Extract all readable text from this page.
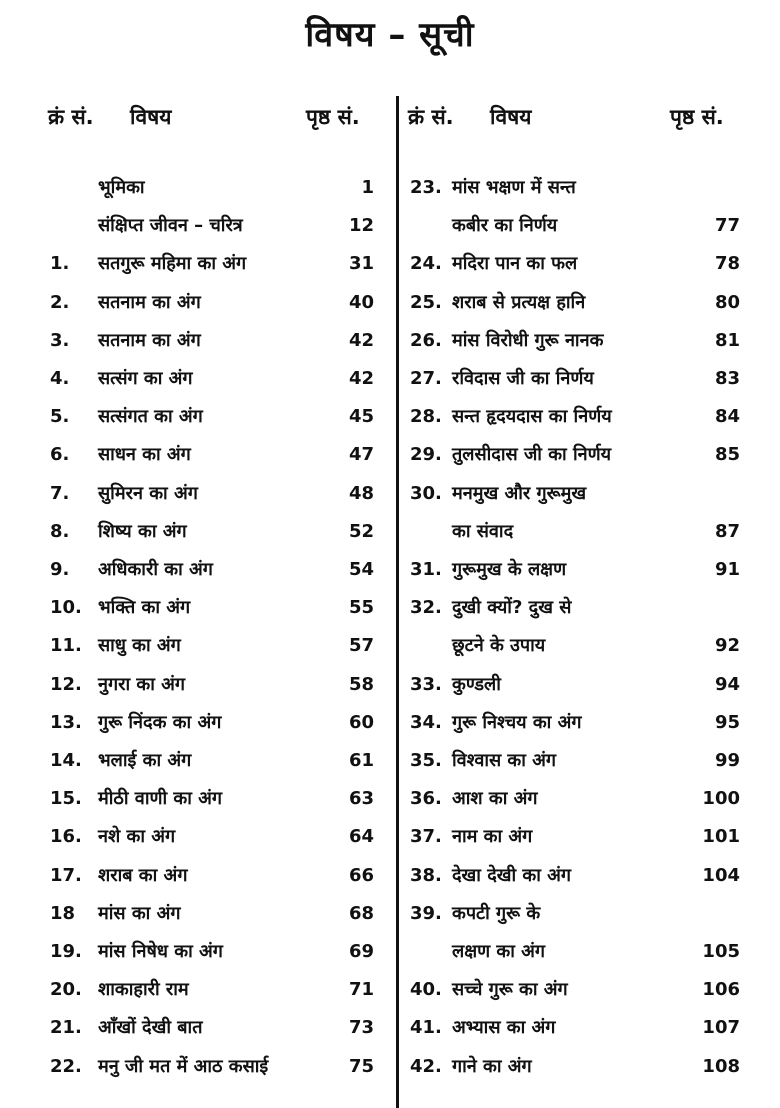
विषय – सूची
क्रं सं. विषय	पृष्ठ सं.
भूमिका	1
संक्षिप्त जीवन – चरित्र	12
1. सतगुरू महिमा का अंग	31
2. सतनाम का अंग	40
3. सतनाम का अंग	42
4. सत्संग का अंग	42
5. सत्संगत का अंग	45
6. साधन का अंग	47
7. सुमिरन का अंग	48
8. शिष्य का अंग	52
9. अधिकारी का अंग	54
10. भक्ति का अंग	55
11. साधु का अंग	57
12. नुगरा का अंग	58
13. गुरू निंदक का अंग	60
14. भलाई का अंग	61
15. मीठी वाणी का अंग	63
16. नशे का अंग	64
17. शराब का अंग	66
18 मांस का अंग	68
19. मांस निषेध का अंग	69
20. शाकाहारी राम	71
21. आँखों देखी बात	73
22. मनु जी मत में आठ कसाई	75
क्रं सं. विषय	पृष्ठ सं.
23. मांस भक्षण में सन्त
कबीर का निर्णय	77
24. मदिरा पान का फल	78
25. शराब से प्रत्यक्ष हानि	80
26. मांस विरोधी गुरू नानक	81
27. रविदास जी का निर्णय	83
28. सन्त हृदयदास का निर्णय	84
29. तुलसीदास जी का निर्णय	85
30. मनमुख और गुरूमुख
का संवाद	87
31. गुरूमुख के लक्षण	91
32. दुखी क्यों? दुख से
छूटने के उपाय	92
33. कुण्डली	94
34. गुरू निश्चय का अंग	95
35. विश्वास का अंग	99
36. आश का अंग	100
37. नाम का अंग	101
38. देखा देखी का अंग	104
39. कपटी गुरू के
लक्षण का अंग	105
40. सच्चे गुरू का अंग	106
41. अभ्यास का अंग	107
42. गाने का अंग	108
